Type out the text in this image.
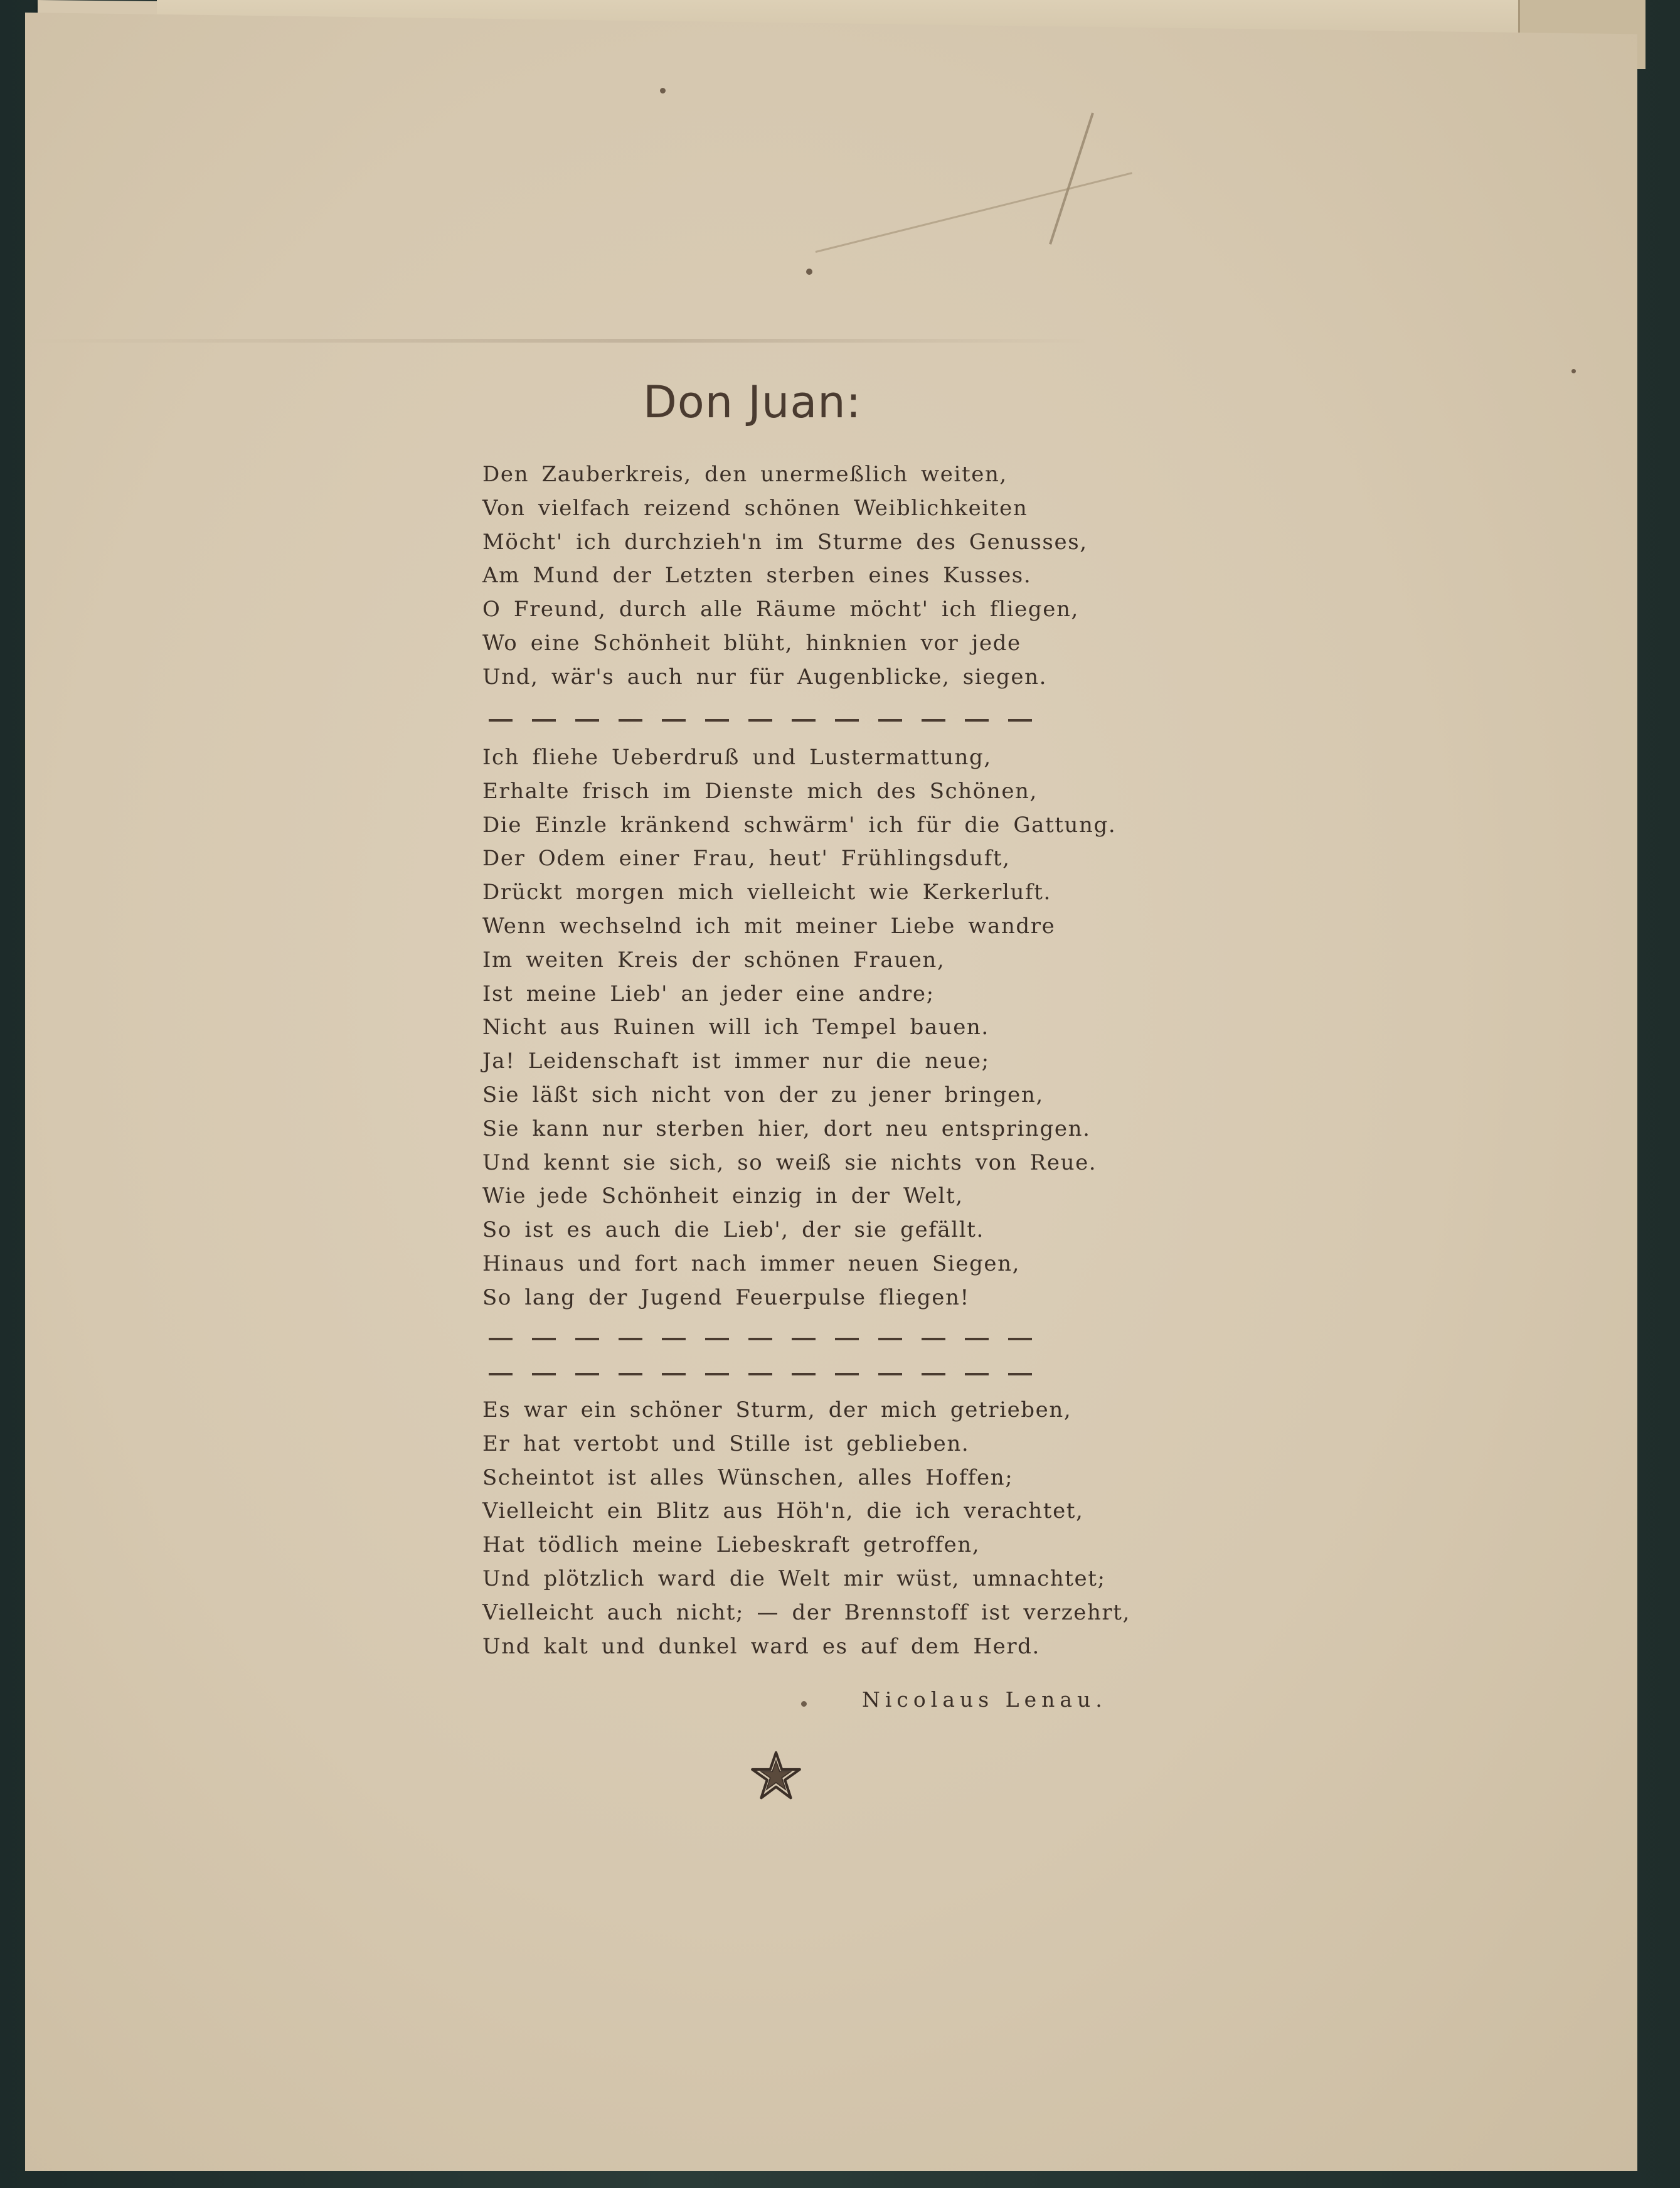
Don Juan:
Den Zauberkreis, den unermeßlich weiten,
Von vielfach reizend schönen Weiblichkeiten
Möcht' ich durchzieh'n im Sturme des Genusses,
Am Mund der Letzten sterben eines Kusses.
O Freund, durch alle Räume möcht' ich fliegen,
Wo eine Schönheit blüht, hinknien vor jede
Und, wär's auch nur für Augenblicke, siegen.
Ich fliehe Ueberdruß und Lustermattung,
Erhalte frisch im Dienste mich des Schönen,
Die Einzle kränkend schwärm' ich für die Gattung.
Der Odem einer Frau, heut' Frühlingsduft,
Drückt morgen mich vielleicht wie Kerkerluft.
Wenn wechselnd ich mit meiner Liebe wandre
Im weiten Kreis der schönen Frauen,
Ist meine Lieb' an jeder eine andre;
Nicht aus Ruinen will ich Tempel bauen.
Ja! Leidenschaft ist immer nur die neue;
Sie läßt sich nicht von der zu jener bringen,
Sie kann nur sterben hier, dort neu entspringen.
Und kennt sie sich, so weiß sie nichts von Reue.
Wie jede Schönheit einzig in der Welt,
So ist es auch die Lieb', der sie gefällt.
Hinaus und fort nach immer neuen Siegen,
So lang der Jugend Feuerpulse fliegen!
Es war ein schöner Sturm, der mich getrieben,
Er hat vertobt und Stille ist geblieben.
Scheintot ist alles Wünschen, alles Hoffen;
Vielleicht ein Blitz aus Höh'n, die ich verachtet,
Hat tödlich meine Liebeskraft getroffen,
Und plötzlich ward die Welt mir wüst, umnachtet;
Vielleicht auch nicht; — der Brennstoff ist verzehrt,
Und kalt und dunkel ward es auf dem Herd.
Nicolaus Lenau.
